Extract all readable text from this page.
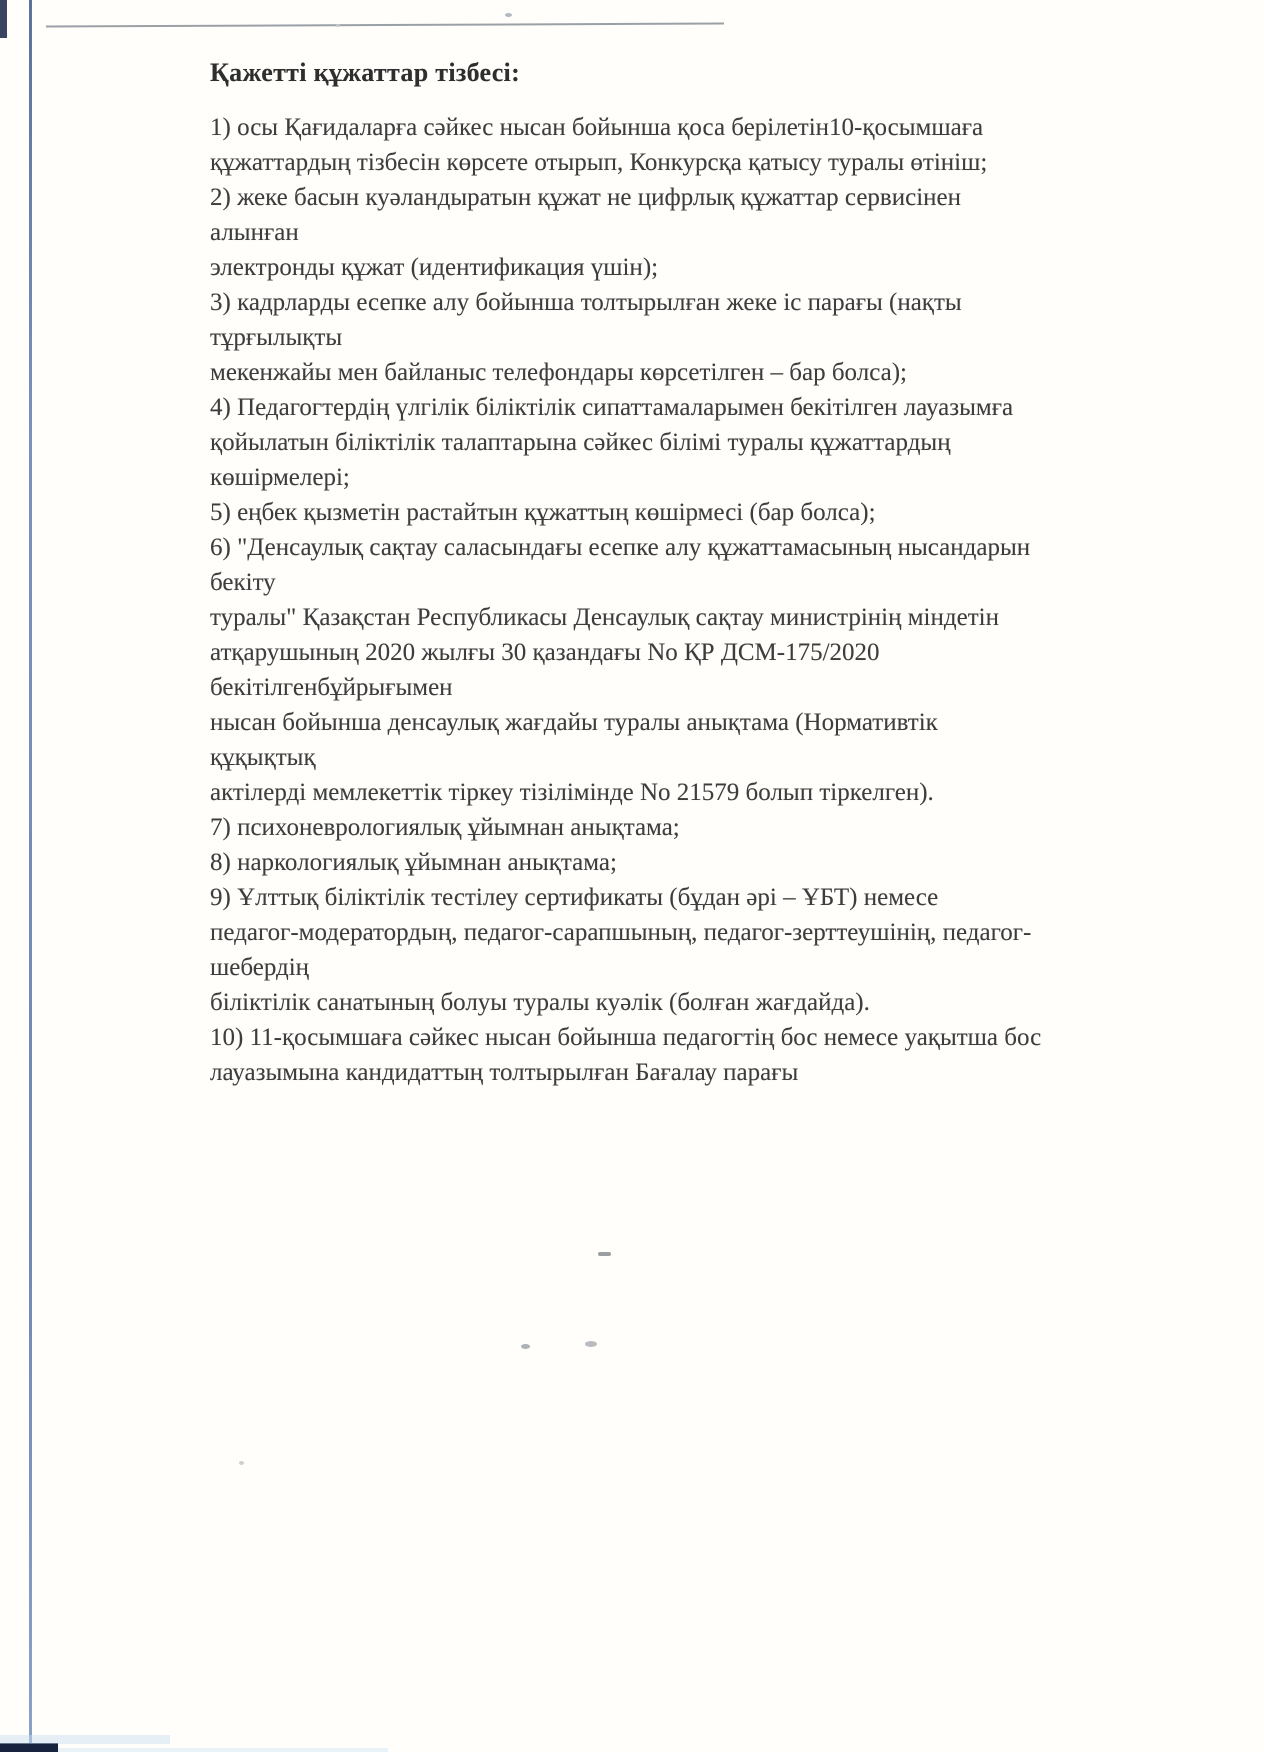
Қажетті құжаттар тізбесі:
1) осы Қағидаларға сәйкес нысан бойынша қоса берілетін10-қосымшаға
құжаттардың тізбесін көрсете отырып, Конкурсқа қатысу туралы өтініш;
2) жеке басын куәландыратын құжат не цифрлық құжаттар сервисінен
алынған
электронды құжат (идентификация үшін);
3) кадрларды есепке алу бойынша толтырылған жеке іс парағы (нақты
тұрғылықты
мекенжайы мен байланыс телефондары көрсетілген – бар болса);
4) Педагогтердің үлгілік біліктілік сипаттамаларымен бекітілген лауазымға
қойылатын біліктілік талаптарына сәйкес білімі туралы құжаттардың
көшірмелері;
5) еңбек қызметін растайтын құжаттың көшірмесі (бар болса);
6) "Денсаулық сақтау саласындағы есепке алу құжаттамасының нысандарын
бекіту
туралы" Қазақстан Республикасы Денсаулық сақтау министрінің міндетін
атқарушының 2020 жылғы 30 қазандағы No ҚР ДСМ-175/2020
бекітілгенбұйрығымен
нысан бойынша денсаулық жағдайы туралы анықтама (Нормативтік
құқықтық
актілерді мемлекеттік тіркеу тізілімінде No 21579 болып тіркелген).
7) психоневрологиялық ұйымнан анықтама;
8) наркологиялық ұйымнан анықтама;
9) Ұлттық біліктілік тестілеу сертификаты (бұдан әрі – ҰБТ) немесе
педагог-модератордың, педагог-сарапшының, педагог-зерттеушінің, педагог-
шебердің
біліктілік санатының болуы туралы куәлік (болған жағдайда).
10) 11-қосымшаға сәйкес нысан бойынша педагогтің бос немесе уақытша бос
лауазымына кандидаттың толтырылған Бағалау парағы
